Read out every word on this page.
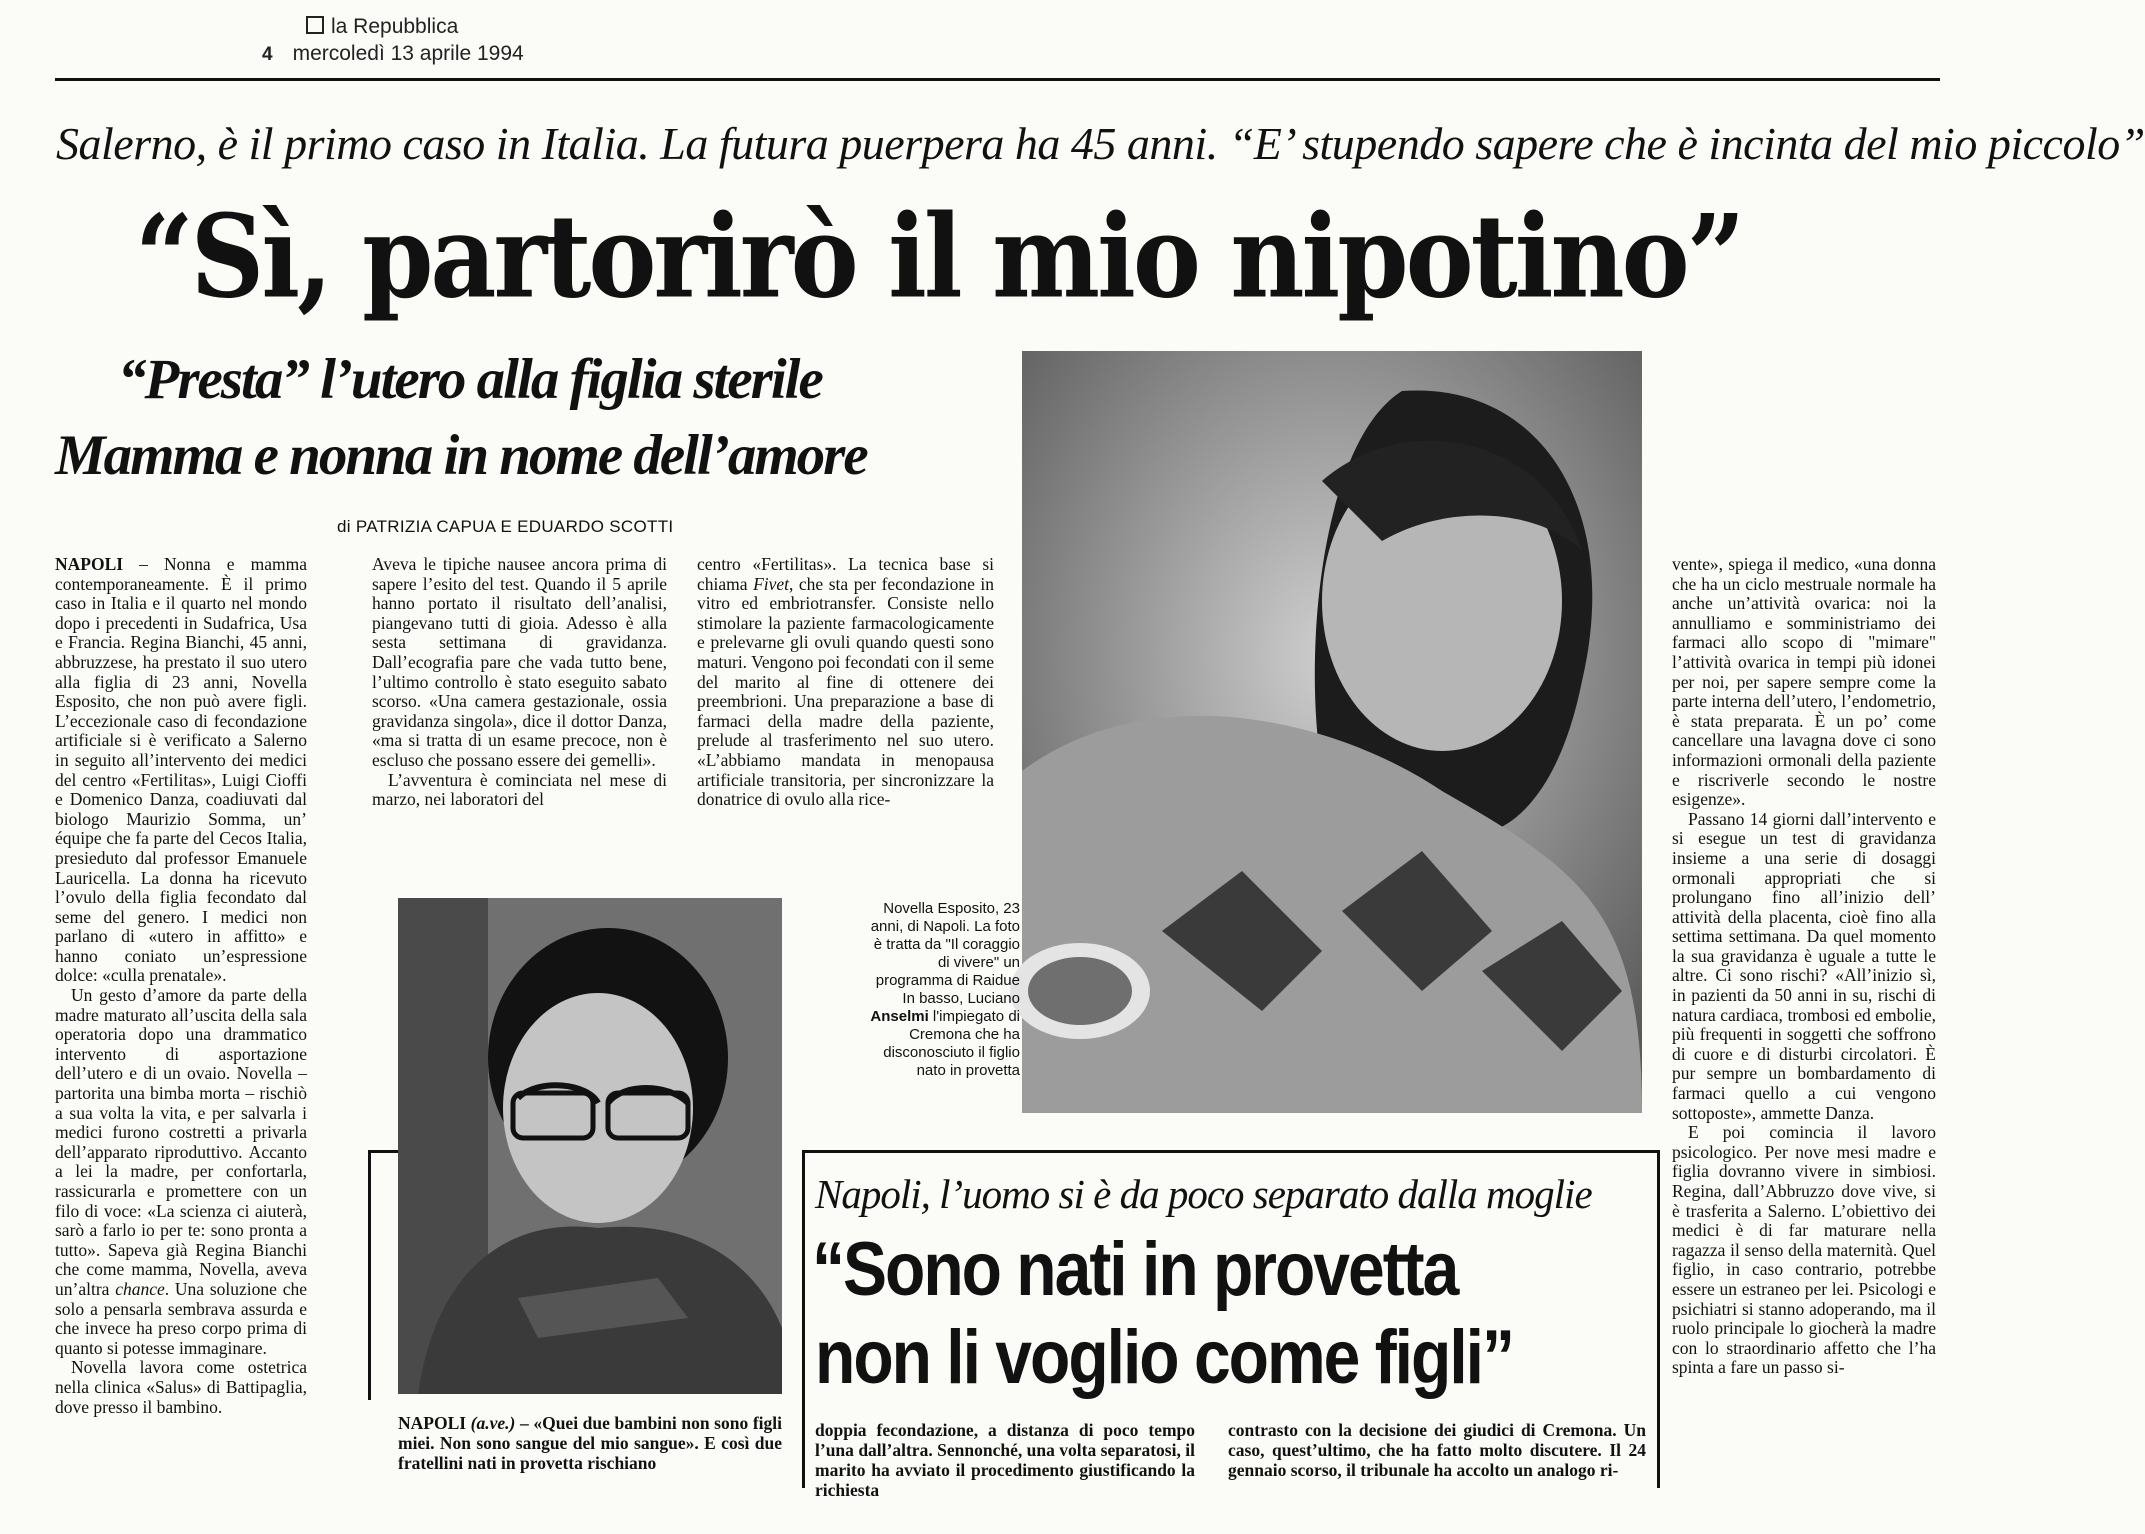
la Repubblica
4 mercoledì 13 aprile 1994
Salerno, è il primo caso in Italia. La futura puerpera ha 45 anni. “E’ stupendo sapere che è incinta del mio piccolo”
“Sì, partorirò il mio nipotino”
“Presta” l’utero alla figlia sterile
Mamma e nonna in nome dell’amore
di PATRIZIA CAPUA E EDUARDO SCOTTI
Novella Esposito, 23
anni, di Napoli. La foto
è tratta da "Il coraggio
di vivere" un
programma di Raidue
In basso, Luciano
Anselmi l'impiegato di
Cremona che ha
disconosciuto il figlio
nato in provetta

NAPOLI – Nonna e mamma contemporaneamente. È il primo caso in Italia e il quarto nel mondo dopo i precedenti in Sudafrica, Usa e Francia. Regina Bianchi, 45 anni, abbruzzese, ha prestato il suo utero alla figlia di 23 anni, Novella Esposito, che non può avere figli. L’eccezionale caso di fecondazione artificiale si è verificato a Salerno in seguito all’intervento dei medici del centro «Fertilitas», Luigi Cioffi e Domenico Danza, coadiuvati dal biologo Maurizio Somma, un’ équipe che fa parte del Cecos Italia, presieduto dal professor Emanuele Lauricella. La donna ha ricevuto l’ovulo della figlia fecondato dal seme del genero. I medici non parlano di «utero in affitto» e hanno coniato un’espressione dolce: «culla prenatale».

Un gesto d’amore da parte della madre maturato all’uscita della sala operatoria dopo una drammatico intervento di asportazione dell’utero e di un ovaio. Novella – partorita una bimba morta – rischiò a sua volta la vita, e per salvarla i medici furono costretti a privarla dell’apparato riproduttivo. Accanto a lei la madre, per confortarla, rassicurarla e promettere con un filo di voce: «La scienza ci aiuterà, sarò a farlo io per te: sono pronta a tutto». Sapeva già Regina Bianchi che come mamma, Novella, aveva un’altra chance. Una soluzione che solo a pensarla sembrava assurda e che invece ha preso corpo prima di quanto si potesse immaginare.

Novella lavora come ostetrica nella clinica «Salus» di Battipaglia, dove presso il bambino.

Aveva le tipiche nausee ancora prima di sapere l’esito del test. Quando il 5 aprile hanno portato il risultato dell’analisi, piangevano tutti di gioia. Adesso è alla sesta settimana di gravidanza. Dall’ecografia pare che vada tutto bene, l’ultimo controllo è stato eseguito sabato scorso. «Una camera gestazionale, ossia gravidanza singola», dice il dottor Danza, «ma si tratta di un esame precoce, non è escluso che possano essere dei gemelli».

L’avventura è cominciata nel mese di marzo, nei laboratori del

centro «Fertilitas». La tecnica base si chiama Fivet, che sta per fecondazione in vitro ed embriotransfer. Consiste nello stimolare la paziente farmacologicamente e prelevarne gli ovuli quando questi sono maturi. Vengono poi fecondati con il seme del marito al fine di ottenere dei preembrioni. Una preparazione a base di farmaci della madre della paziente, prelude al trasferimento nel suo utero. «L’abbiamo mandata in menopausa artificiale transitoria, per sincronizzare la donatrice di ovulo alla rice-

vente», spiega il medico, «una donna che ha un ciclo mestruale normale ha anche un’attività ovarica: noi la annulliamo e somministriamo dei farmaci allo scopo di "mimare" l’attività ovarica in tempi più idonei per noi, per sapere sempre come la parte interna dell’utero, l’endometrio, è stata preparata. È un po’ come cancellare una lavagna dove ci sono informazioni ormonali della paziente e riscriverle secondo le nostre esigenze».

Passano 14 giorni dall’intervento e si esegue un test di gravidanza insieme a una serie di dosaggi ormonali appropriati che si prolungano fino all’inizio dell’ attività della placenta, cioè fino alla settima settimana. Da quel momento la sua gravidanza è uguale a tutte le altre. Ci sono rischi? «All’inizio sì, in pazienti da 50 anni in su, rischi di natura cardiaca, trombosi ed embolie, più frequenti in soggetti che soffrono di cuore e di disturbi circolatori. È pur sempre un bombardamento di farmaci quello a cui vengono sottoposte», ammette Danza.

E poi comincia il lavoro psicologico. Per nove mesi madre e figlia dovranno vivere in simbiosi. Regina, dall’Abbruzzo dove vive, si è trasferita a Salerno. L’obiettivo dei medici è di far maturare nella ragazza il senso della maternità. Quel figlio, in caso contrario, potrebbe essere un estraneo per lei. Psicologi e psichiatri si stanno adoperando, ma il ruolo principale lo giocherà la madre con lo straordinario affetto che l’ha spinta a fare un passo si-

Napoli, l’uomo si è da poco separato dalla moglie
“Sono nati in provetta
non li voglio come figli”
NAPOLI (a.ve.) – «Quei due bambini non sono figli miei. Non sono sangue del mio sangue». E così due fratellini nati in provetta rischiano
doppia fecondazione, a distanza di poco tempo l’una dall’altra. Sennonché, una volta separatosi, il marito ha avviato il procedimento giustificando la richiesta
contrasto con la decisione dei giudici di Cremona. Un caso, quest’ultimo, che ha fatto molto discutere. Il 24 gennaio scorso, il tribunale ha accolto un analogo ri-
